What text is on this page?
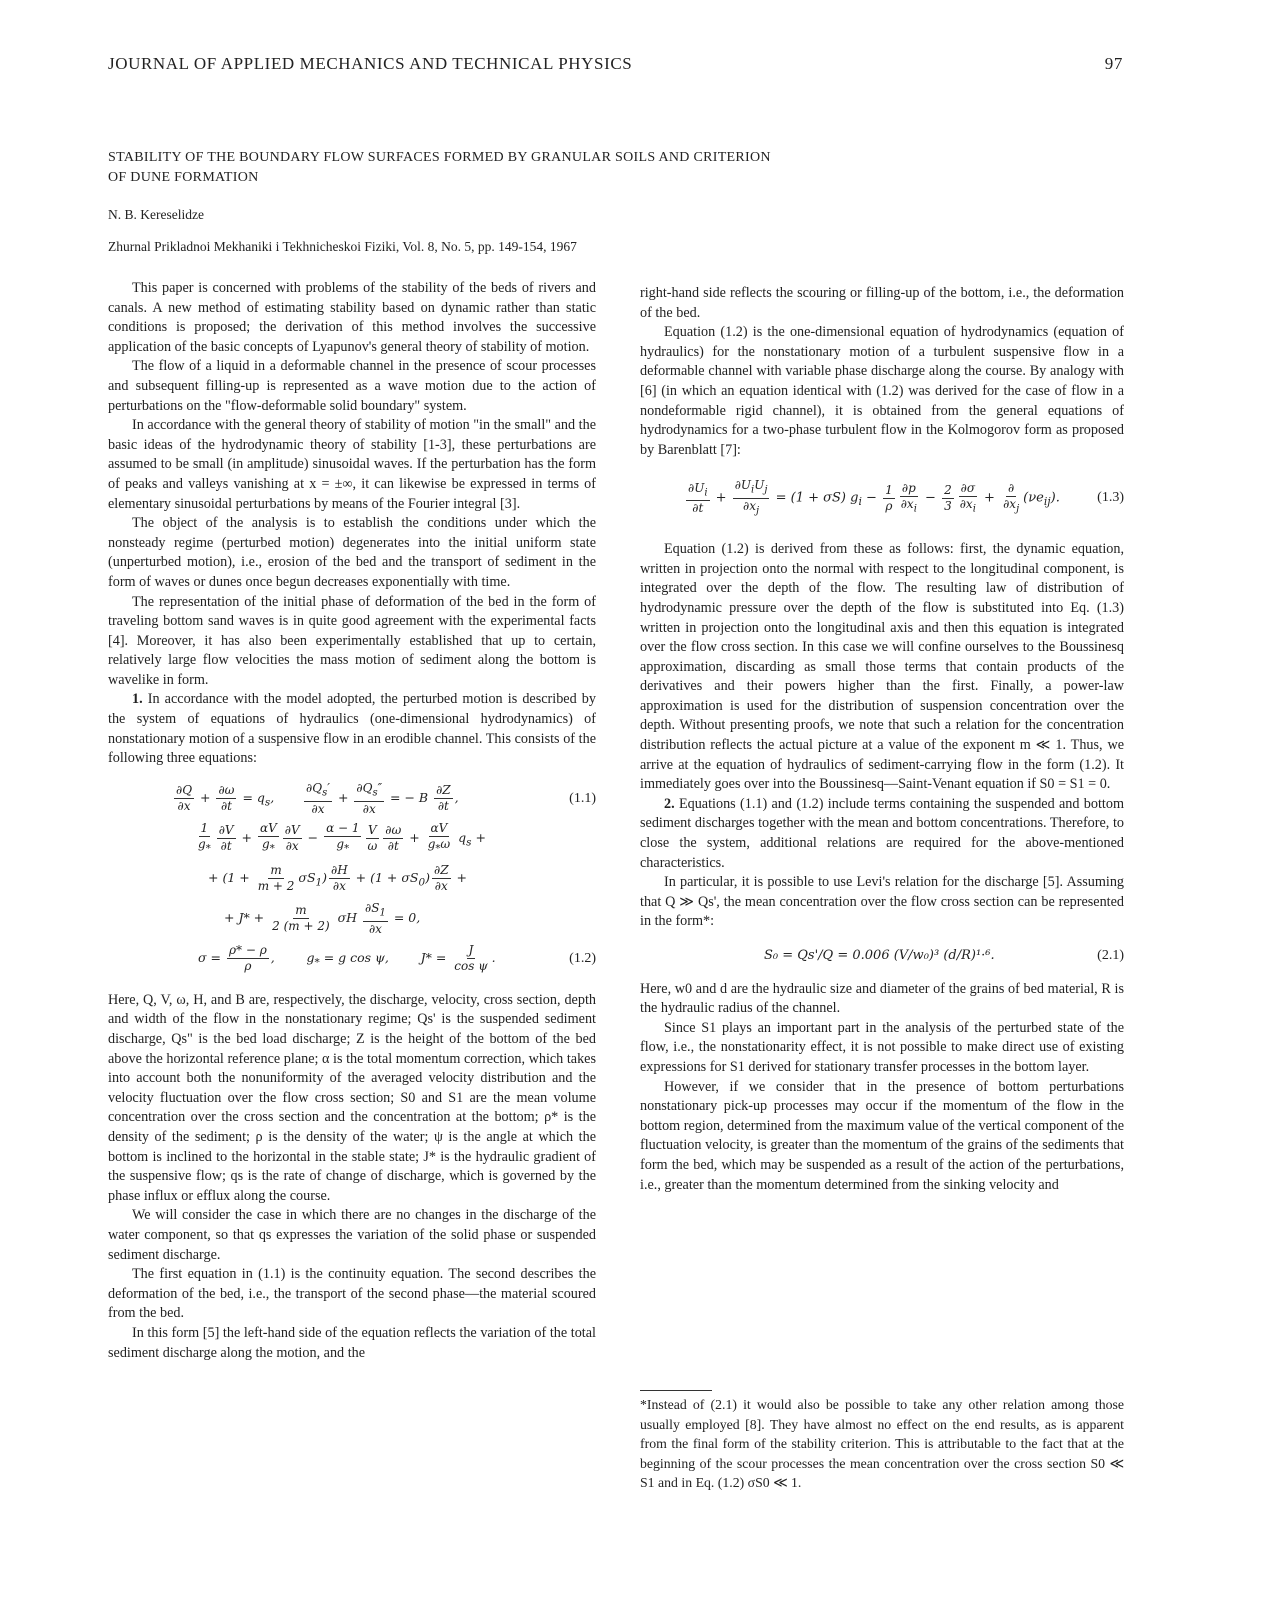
JOURNAL OF APPLIED MECHANICS AND TECHNICAL PHYSICS	97
STABILITY OF THE BOUNDARY FLOW SURFACES FORMED BY GRANULAR SOILS AND CRITERION
OF DUNE FORMATION
N. B. Kereselidze
Zhurnal Prikladnoi Mekhaniki i Tekhnicheskoi Fiziki, Vol. 8, No. 5, pp. 149-154, 1967

This paper is concerned with problems of the stability of the beds of rivers and canals. A new method of estimating stability based on dynamic rather than static conditions is proposed; the derivation of this method involves the successive application of the basic concepts of Lyapunov's general theory of stability of motion.

The flow of a liquid in a deformable channel in the presence of scour processes and subsequent filling-up is represented as a wave motion due to the action of perturbations on the "flow-deformable solid boundary" system.

In accordance with the general theory of stability of motion "in the small" and the basic ideas of the hydrodynamic theory of stability [1-3], these perturbations are assumed to be small (in amplitude) sinusoidal waves. If the perturbation has the form of peaks and valleys vanishing at x = ±∞, it can likewise be expressed in terms of elementary sinusoidal perturbations by means of the Fourier integral [3].

The object of the analysis is to establish the conditions under which the nonsteady regime (perturbed motion) degenerates into the initial uniform state (unperturbed motion), i.e., erosion of the bed and the transport of sediment in the form of waves or dunes once begun decreases exponentially with time.

The representation of the initial phase of deformation of the bed in the form of traveling bottom sand waves is in quite good agreement with the experimental facts [4]. Moreover, it has also been experimentally established that up to certain, relatively large flow velocities the mass motion of sediment along the bottom is wavelike in form.

1. In accordance with the model adopted, the perturbed motion is described by the system of equations of hydraulics (one-dimensional hydrodynamics) of nonstationary motion of a suspensive flow in an erodible channel. This consists of the following three equations:

$\frac{\partial Q}{\partial x} + \frac{\partial\omega}{\partial t} = q_s$, $\frac{\partial Q_s'}{\partial x} + \frac{\partial Q_s''}{\partial x}$ = − B $\frac{\partial Z}{\partial t}$ ,	(1.1)
$\frac{1}{g_*} \frac{\partial V}{\partial t} + \frac{\alpha V}{g_*} \frac{\partial V}{\partial x} - \frac{\alpha - 1}{g_*} \frac{V}{\omega} \frac{\partial\omega}{\partial t} + \frac{\alpha V}{g_*\omega} q_s$ +
+ $(1 + \frac{m}{m + 2} \sigma S_1) \frac{\partial H}{\partial x} + (1 + \sigma S_0) \frac{\partial Z}{\partial x}$ +
+ $J* + \frac{m}{2 (m + 2)}$ σH $\frac{\partial S_1}{\partial x} = 0$,
$\sigma = \frac{\rho* - \rho}{\rho}$ ,        $g_* = g$ cos ψ,        $J* = \frac{J}{\text{cos ψ}}$ .	(1.2)

Here, Q, V, ω, H, and B are, respectively, the discharge, velocity, cross section, depth and width of the flow in the nonstationary regime; Qs' is the suspended sediment discharge, Qs" is the bed load discharge; Z is the height of the bottom of the bed above the horizontal reference plane; α is the total momentum correction, which takes into account both the nonuniformity of the averaged velocity distribution and the velocity fluctuation over the flow cross section; S0 and S1 are the mean volume concentration over the cross section and the concentration at the bottom; ρ* is the density of the sediment; ρ is the density of the water; ψ is the angle at which the bottom is inclined to the horizontal in the stable state; J* is the hydraulic gradient of the suspensive flow; qs is the rate of change of discharge, which is governed by the phase influx or efflux along the course.

We will consider the case in which there are no changes in the discharge of the water component, so that qs expresses the variation of the solid phase or suspended sediment discharge.

The first equation in (1.1) is the continuity equation. The second describes the deformation of the bed, i.e., the transport of the second phase—the material scoured from the bed.

In this form [5] the left-hand side of the equation reflects the variation of the total sediment discharge along the motion, and the

right-hand side reflects the scouring or filling-up of the bottom, i.e., the deformation of the bed.

Equation (1.2) is the one-dimensional equation of hydrodynamics (equation of hydraulics) for the nonstationary motion of a turbulent suspensive flow in a deformable channel with variable phase discharge along the course. By analogy with [6] (in which an equation identical with (1.2) was derived for the case of flow in a nondeformable rigid channel), it is obtained from the general equations of hydrodynamics for a two-phase turbulent flow in the Kolmogorov form as proposed by Barenblatt [7]:

$\frac{\partial U_i}{\partial t} + \frac{\partial U_iU_j}{\partial x_j} = (1 + \sigma S) g_i - \frac{1}{\rho} \frac{\partial p}{\partial x_i} - \frac{2}{3} \frac{\partial\sigma}{\partial x_i} + \frac{\partial}{\partial x_j} (\nu e_{ij})$.	(1.3)

Equation (1.2) is derived from these as follows: first, the dynamic equation, written in projection onto the normal with respect to the longitudinal component, is integrated over the depth of the flow. The resulting law of distribution of hydrodynamic pressure over the depth of the flow is substituted into Eq. (1.3) written in projection onto the longitudinal axis and then this equation is integrated over the flow cross section. In this case we will confine ourselves to the Boussinesq approximation, discarding as small those terms that contain products of the derivatives and their powers higher than the first. Finally, a power-law approximation is used for the distribution of suspension concentration over the depth. Without presenting proofs, we note that such a relation for the concentration distribution reflects the actual picture at a value of the exponent m ≪ 1. Thus, we arrive at the equation of hydraulics of sediment-carrying flow in the form (1.2). It immediately goes over into the Boussinesq—Saint-Venant equation if S0 = S1 = 0.

2. Equations (1.1) and (1.2) include terms containing the suspended and bottom sediment discharges together with the mean and bottom concentrations. Therefore, to close the system, additional relations are required for the above-mentioned characteristics.

In particular, it is possible to use Levi's relation for the discharge [5]. Assuming that Q ≫ Qs', the mean concentration over the flow cross section can be represented in the form*:

S₀ = Qs'/Q = 0.006 (V/w₀)³ (d/R)¹·⁶.	(2.1)

Here, w0 and d are the hydraulic size and diameter of the grains of bed material, R is the hydraulic radius of the channel.

Since S1 plays an important part in the analysis of the perturbed state of the flow, i.e., the nonstationarity effect, it is not possible to make direct use of existing expressions for S1 derived for stationary transfer processes in the bottom layer.

However, if we consider that in the presence of bottom perturbations nonstationary pick-up processes may occur if the momentum of the flow in the bottom region, determined from the maximum value of the vertical component of the fluctuation velocity, is greater than the momentum of the grains of the sediments that form the bed, which may be suspended as a result of the action of the perturbations, i.e., greater than the momentum determined from the sinking velocity and

*Instead of (2.1) it would also be possible to take any other relation among those usually employed [8]. They have almost no effect on the end results, as is apparent from the final form of the stability criterion. This is attributable to the fact that at the beginning of the scour processes the mean concentration over the cross section S0 ≪ S1 and in Eq. (1.2) σS0 ≪ 1.
